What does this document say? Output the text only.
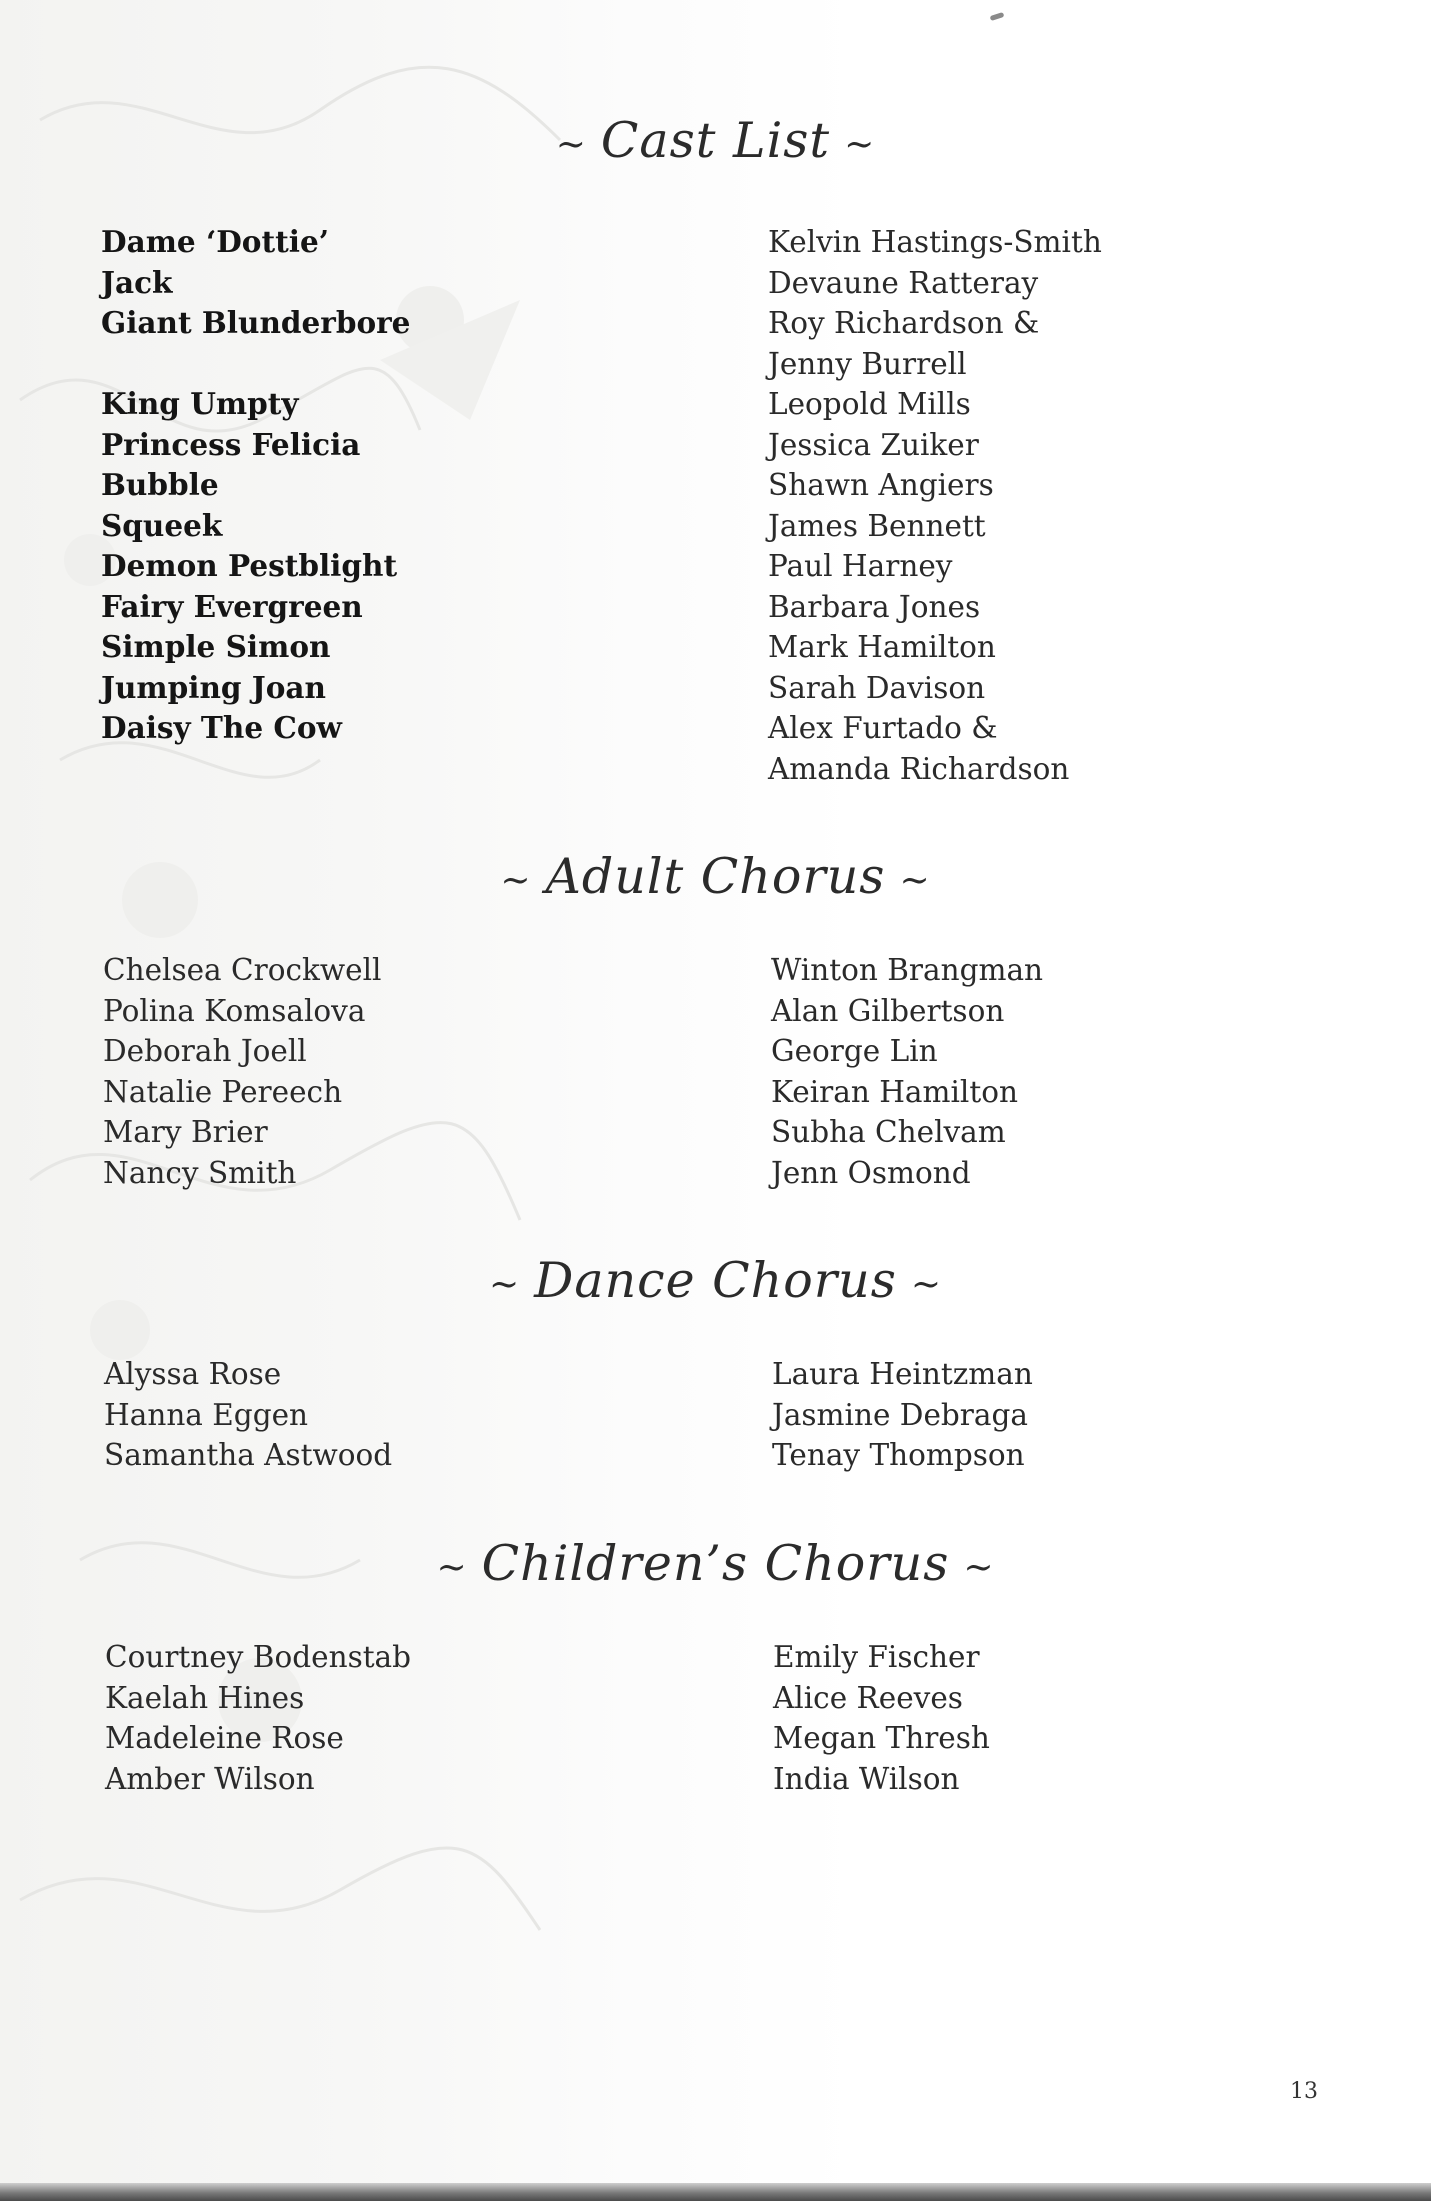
~ Cast List ~
Dame ‘Dottie’
Jack
Giant Blunderbore
King Umpty
Princess Felicia
Bubble
Squeek
Demon Pestblight
Fairy Evergreen
Simple Simon
Jumping Joan
Daisy The Cow
Kelvin Hastings-Smith
Devaune Ratteray
Roy Richardson &
Jenny Burrell
Leopold Mills
Jessica Zuiker
Shawn Angiers
James Bennett
Paul Harney
Barbara Jones
Mark Hamilton
Sarah Davison
Alex Furtado &
Amanda Richardson
~ Adult Chorus ~
Chelsea Crockwell
Polina Komsalova
Deborah Joell
Natalie Pereech
Mary Brier
Nancy Smith
Winton Brangman
Alan Gilbertson
George Lin
Keiran Hamilton
Subha Chelvam
Jenn Osmond
~ Dance Chorus ~
Alyssa Rose
Hanna Eggen
Samantha Astwood
Laura Heintzman
Jasmine Debraga
Tenay Thompson
~ Children’s Chorus ~
Courtney Bodenstab
Kaelah Hines
Madeleine Rose
Amber Wilson
Emily Fischer
Alice Reeves
Megan Thresh
India Wilson
13
